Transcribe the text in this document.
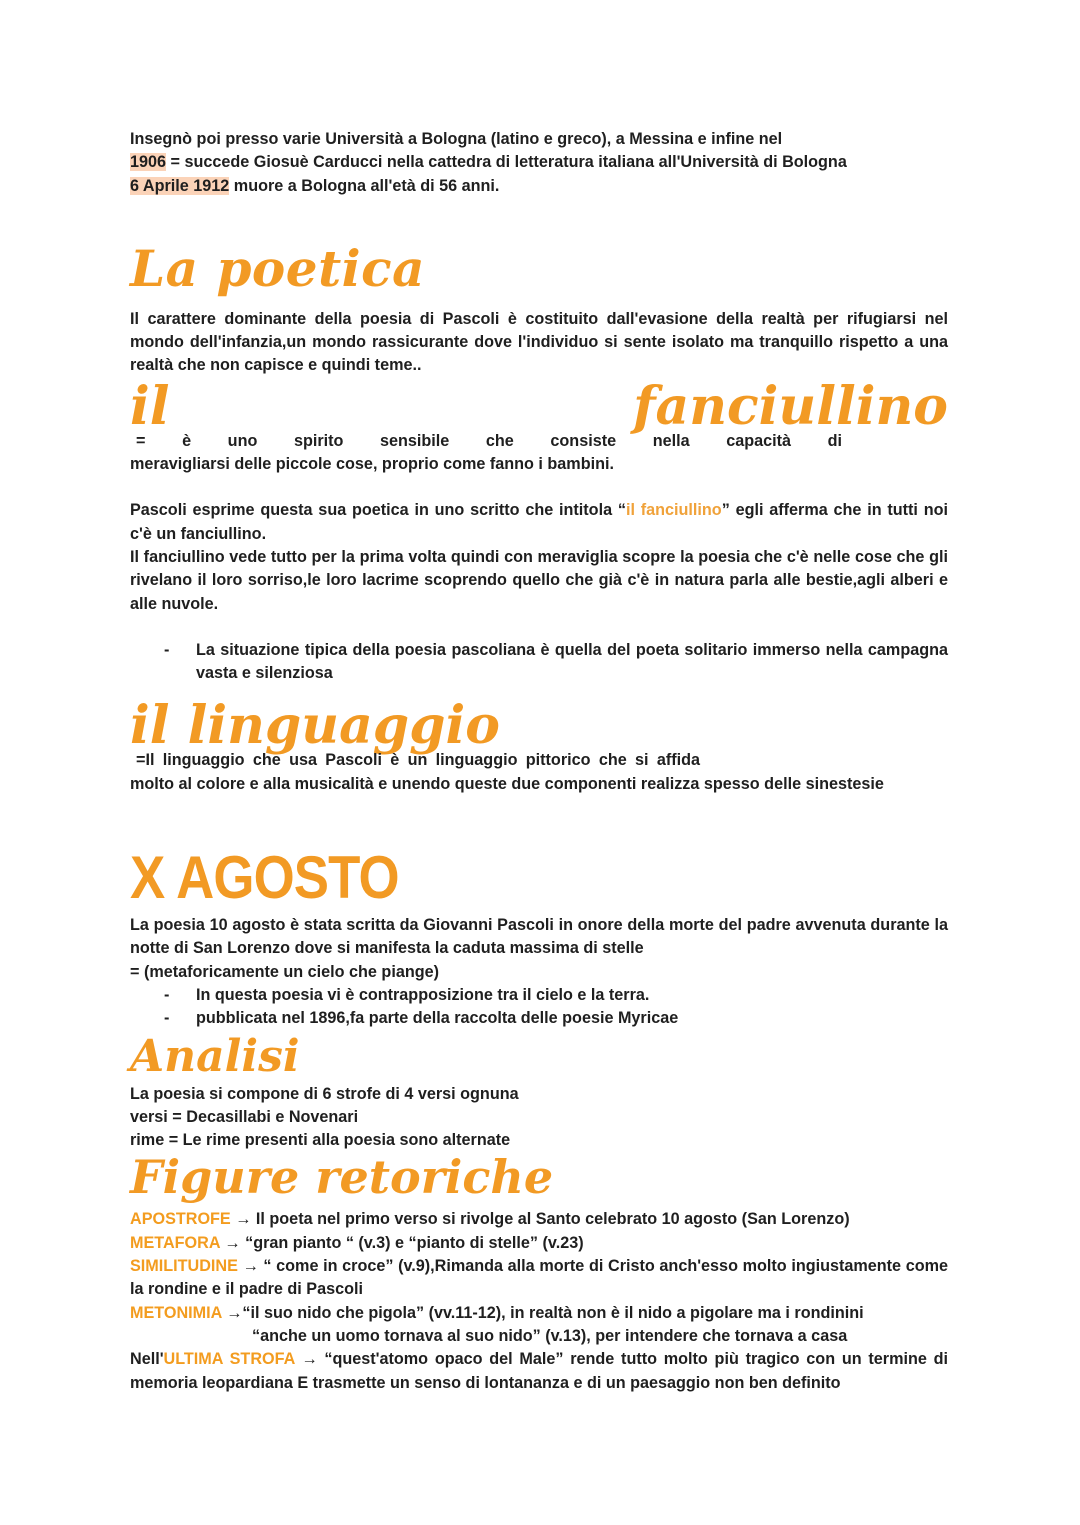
Insegnò poi presso varie Università a Bologna (latino e greco), a Messina e infine nel

1906 = succede Giosuè Carducci nella cattedra di letteratura italiana all'Università di Bologna

6 Aprile 1912 muore a Bologna all'età di 56 anni.

La poetica

Il carattere dominante della poesia di Pascoli è costituito dall'evasione della realtà per rifugiarsi nel mondo dell'infanzia,un mondo rassicurante dove l'individuo si sente isolato ma tranquillo rispetto a una realtà che non capisce e quindi teme..

il fanciullino= è uno spirito sensibile che consiste nella capacità di

meravigliarsi delle piccole cose, proprio come fanno i bambini.

Pascoli esprime questa sua poetica in uno scritto che intitola “il fanciullino” egli afferma che in tutti noi c'è un fanciullino.

Il fanciullino vede tutto per la prima volta quindi con meraviglia scopre la poesia che c'è nelle cose che gli rivelano il loro sorriso,le loro lacrime scoprendo quello che già c'è in natura parla alle bestie,agli alberi e alle nuvole.

- La situazione tipica della poesia pascoliana è quella del poeta solitario immerso nella campagna vasta e silenziosa

il linguaggio=Il linguaggio che usa Pascoli è un linguaggio pittorico che si affida

molto al colore e alla musicalità e unendo queste due componenti realizza spesso delle sinestesie

X AGOSTO

La poesia 10 agosto è stata scritta da Giovanni Pascoli in onore della morte del padre avvenuta durante la notte di San Lorenzo dove si manifesta la caduta massima di stelle

= (metaforicamente un cielo che piange)

- In questa poesia vi è contrapposizione tra il cielo e la terra.
- pubblicata nel 1896,fa parte della raccolta delle poesie Myricae
Analisi

La poesia si compone di 6 strofe di 4 versi ognuna

versi = Decasillabi e Novenari

rime = Le rime presenti alla poesia sono alternate

Figure retoriche

APOSTROFE → Il poeta nel primo verso si rivolge al Santo celebrato 10 agosto (San Lorenzo)

METAFORA → “gran pianto “ (v.3) e “pianto di stelle” (v.23)

SIMILITUDINE → “ come in croce” (v.9),Rimanda alla morte di Cristo anch'esso molto ingiustamente come la rondine e il padre di Pascoli

METONIMIA →“il suo nido che pigola” (vv.11-12), in realtà non è il nido a pigolare ma i rondinini

“anche un uomo tornava al suo nido” (v.13), per intendere che tornava a casa

Nell'ULTIMA STROFA → “quest'atomo opaco del Male” rende tutto molto più tragico con un termine di memoria leopardiana E trasmette un senso di lontananza e di un paesaggio non ben definito
